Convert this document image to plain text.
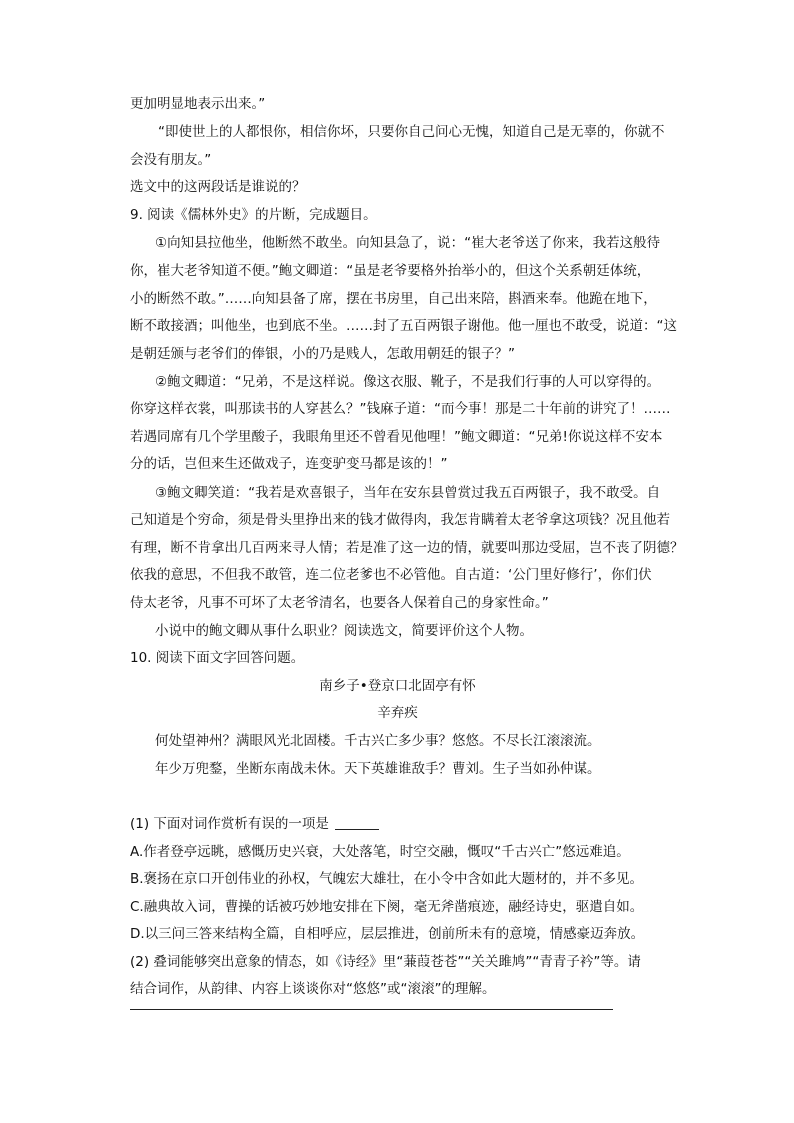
更加明显地表示出来。”
“即使世上的人都恨你，相信你坏，只要你自己问心无愧，知道自己是无辜的，你就不
会没有朋友。”
选文中的这两段话是谁说的？
9. 阅读《儒林外史》的片断，完成题目。
①向知县拉他坐，他断然不敢坐。向知县急了，说：“崔大老爷送了你来，我若这般待
你，崔大老爷知道不便。”鲍文卿道：“虽是老爷要格外抬举小的，但这个关系朝廷体统，
小的断然不敢。”……向知县备了席，摆在书房里，自己出来陪，斟酒来奉。他跪在地下，
断不敢接酒；叫他坐，也到底不坐。……封了五百两银子谢他。他一厘也不敢受，说道：“这
是朝廷颁与老爷们的俸银，小的乃是贱人，怎敢用朝廷的银子？”
②鲍文卿道：“兄弟，不是这样说。像这衣服、靴子，不是我们行事的人可以穿得的。
你穿这样衣裳，叫那读书的人穿甚么？”钱麻子道：“而今事！那是二十年前的讲究了！……
若遇同席有几个学里酸子，我眼角里还不曾看见他哩！”鲍文卿道：“兄弟!你说这样不安本
分的话，岂但来生还做戏子，连变驴变马都是该的！”
③鲍文卿笑道：“我若是欢喜银子，当年在安东县曾赏过我五百两银子，我不敢受。自
己知道是个穷命，须是骨头里挣出来的钱才做得肉，我怎肯瞒着太老爷拿这项钱？况且他若
有理，断不肯拿出几百两来寻人情；若是准了这一边的情，就要叫那边受屈，岂不丧了阴德？
依我的意思，不但我不敢管，连二位老爹也不必管他。自古道：‘公门里好修行’，你们伏
侍太老爷，凡事不可坏了太老爷清名，也要各人保着自己的身家性命。”
小说中的鲍文卿从事什么职业？阅读选文，简要评价这个人物。
10. 阅读下面文字回答问题。
南乡子•登京口北固亭有怀
辛弃疾
何处望神州？满眼风光北固楼。千古兴亡多少事？悠悠。不尽长江滚滚流。
年少万兜鍪，坐断东南战未休。天下英雄谁敌手？曹刘。生子当如孙仲谋。
(1) 下面对词作赏析有误的一项是
A.作者登亭远眺，感慨历史兴衰，大处落笔，时空交融，慨叹“千古兴亡”悠远难追。
B.褒扬在京口开创伟业的孙权，气魄宏大雄壮，在小令中含如此大题材的，并不多见。
C.融典故入词，曹操的话被巧妙地安排在下阕，毫无斧凿痕迹，融经诗史，驱遣自如。
D.以三问三答来结构全篇，自相呼应，层层推进，创前所未有的意境，情感豪迈奔放。
(2) 叠词能够突出意象的情态，如《诗经》里“蒹葭苍苍”“关关雎鸠”“青青子衿”等。请
结合词作，从韵律、内容上谈谈你对“悠悠”或“滚滚”的理解。
